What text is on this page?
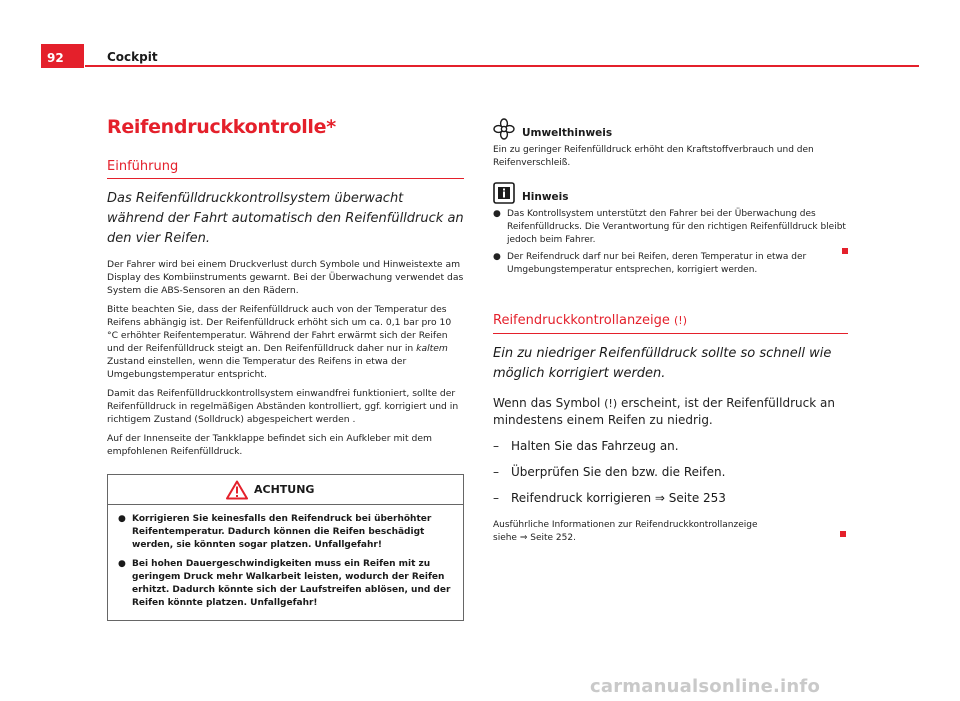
92	Cockpit
Reifendruckkontrolle*
Einführung
Das Reifenfülldruckkontrollsystem überwacht während der Fahrt automatisch den Reifenfülldruck an den vier Reifen.
Der Fahrer wird bei einem Druckverlust durch Symbole und Hinweistexte am Display des Kombiinstruments gewarnt. Bei der Überwachung verwendet das System die ABS-Sensoren an den Rädern.
Bitte beachten Sie, dass der Reifenfülldruck auch von der Temperatur des Reifens abhängig ist. Der Reifenfülldruck erhöht sich um ca. 0,1 bar pro 10 °C erhöhter Reifentemperatur. Während der Fahrt erwärmt sich der Reifen und der Reifenfülldruck steigt an. Den Reifenfülldruck daher nur in kaltem Zustand einstellen, wenn die Temperatur des Reifens in etwa der Umgebungstemperatur entspricht.
Damit das Reifenfülldruckkontrollsystem einwandfrei funktioniert, sollte der Reifenfülldruck in regelmäßigen Abständen kontrolliert, ggf. korrigiert und in richtigem Zustand (Solldruck) abgespeichert werden .
Auf der Innenseite der Tankklappe befindet sich ein Aufkleber mit dem empfohlenen Reifenfülldruck.
ACHTUNG
● Korrigieren Sie keinesfalls den Reifendruck bei überhöhter Reifentemperatur. Dadurch können die Reifen beschädigt werden, sie könnten sogar platzen. Unfallgefahr!
● Bei hohen Dauergeschwindigkeiten muss ein Reifen mit zu geringem Druck mehr Walkarbeit leisten, wodurch der Reifen erhitzt. Dadurch könnte sich der Laufstreifen ablösen, und der Reifen könnte platzen. Unfallgefahr!
Umwelthinweis
Ein zu geringer Reifenfülldruck erhöht den Kraftstoffverbrauch und den Reifenverschleiß.
Hinweis
● Das Kontrollsystem unterstützt den Fahrer bei der Überwachung des Reifenfülldrucks. Die Verantwortung für den richtigen Reifenfülldruck bleibt jedoch beim Fahrer.
● Der Reifendruck darf nur bei Reifen, deren Temperatur in etwa der Umgebungstemperatur entsprechen, korrigiert werden.
Reifendruckkontrollanzeige (!)
Ein zu niedriger Reifenfülldruck sollte so schnell wie möglich korrigiert werden.
Wenn das Symbol (!) erscheint, ist der Reifenfülldruck an mindestens einem Reifen zu niedrig.
–	Halten Sie das Fahrzeug an.
–	Überprüfen Sie den bzw. die Reifen.
–	Reifendruck korrigieren ⇒ Seite 253
Ausführliche Informationen zur Reifendruckkontrollanzeige siehe ⇒ Seite 252.
carmanualsonline.info
